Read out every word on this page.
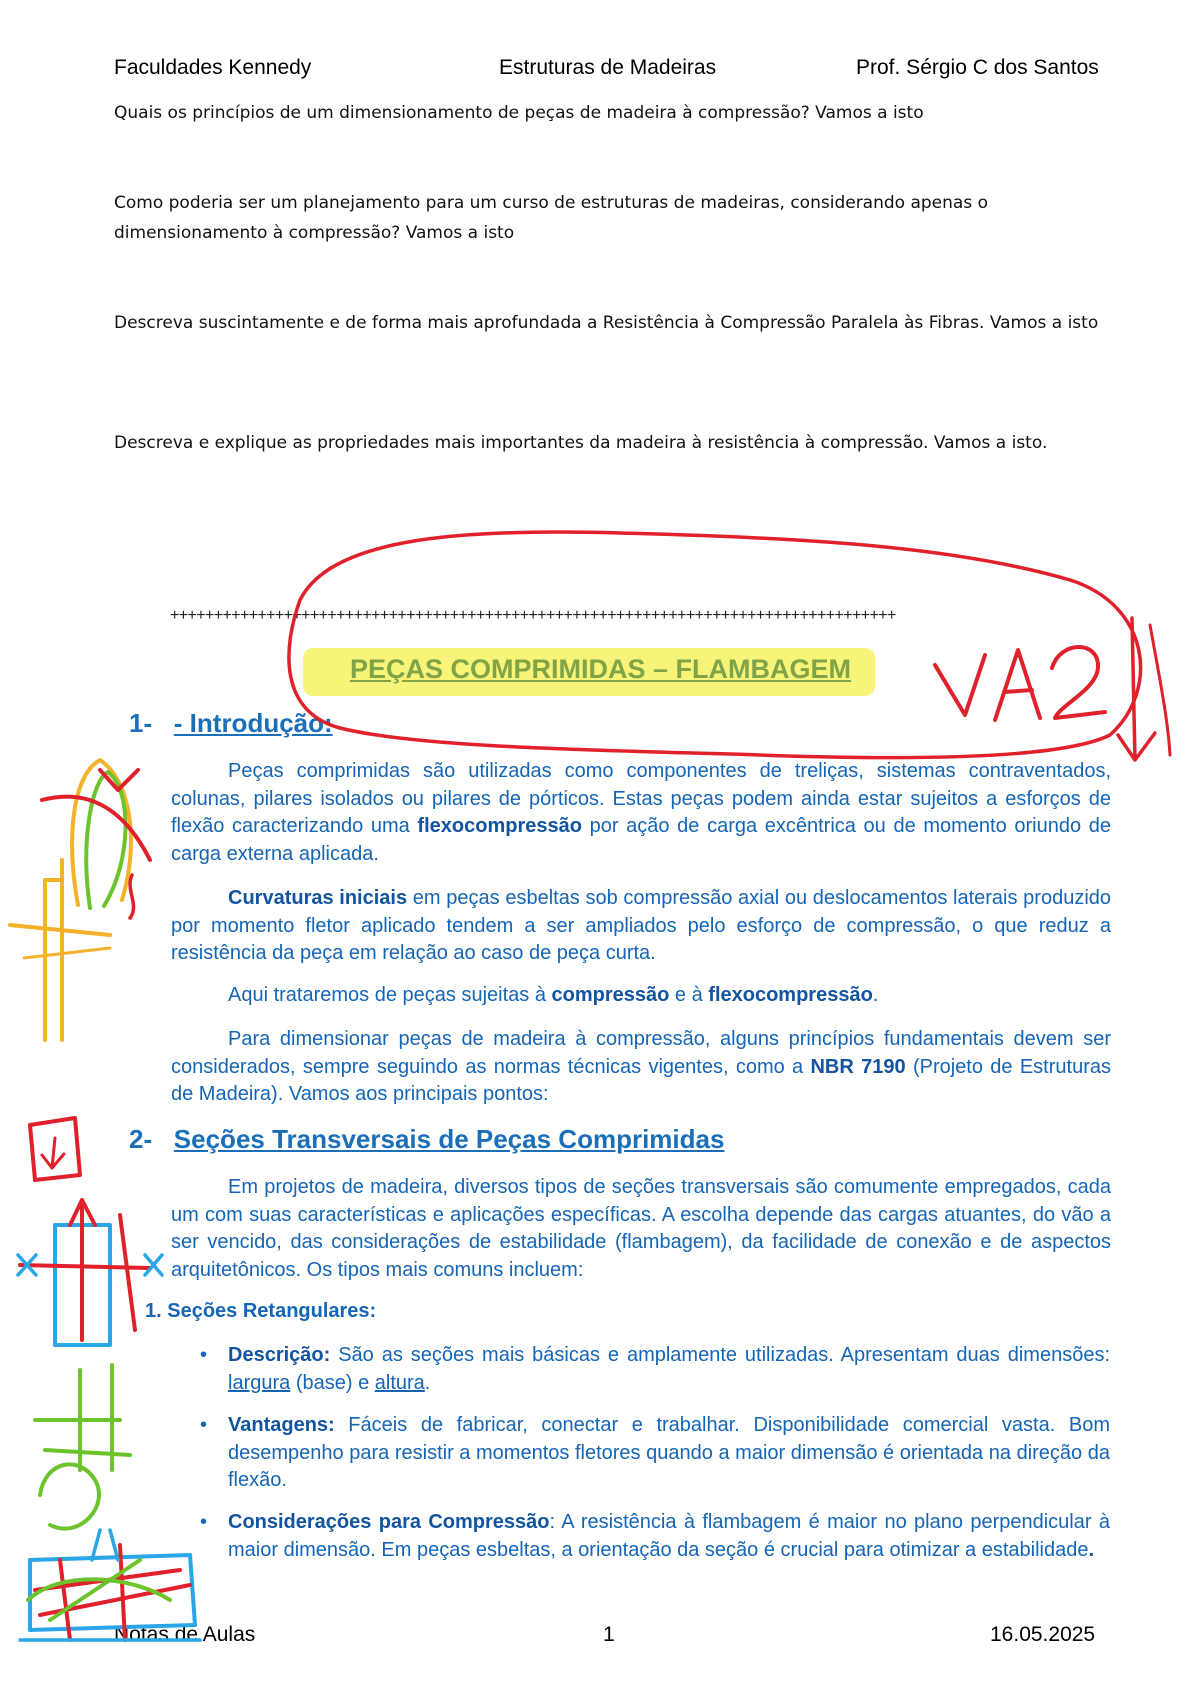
Faculdades Kennedy	Estruturas de Madeiras	Prof. Sérgio C dos Santos
Quais os princípios de um dimensionamento de peças de madeira à compressão? Vamos a isto
Como poderia ser um planejamento para um curso de estruturas de madeiras, considerando apenas o dimensionamento à compressão? Vamos a isto
Descreva suscintamente e de forma mais aprofundada a Resistência à Compressão Paralela às Fibras. Vamos a isto
Descreva e explique as propriedades mais importantes da madeira à resistência à compressão. Vamos a isto.
+++++++++++++++++++++++++++++++++++++++++++++++++++++++++++++++++++++++++++++++++++
PEÇAS COMPRIMIDAS – FLAMBAGEM
1- - Introdução:
Peças comprimidas são utilizadas como componentes de treliças, sistemas contraventados, colunas, pilares isolados ou pilares de pórticos. Estas peças podem ainda estar sujeitos a esforços de flexão caracterizando uma flexocompressão por ação de carga excêntrica ou de momento oriundo de carga externa aplicada.
Curvaturas iniciais em peças esbeltas sob compressão axial ou deslocamentos laterais produzido por momento fletor aplicado tendem a ser ampliados pelo esforço de compressão, o que reduz a resistência da peça em relação ao caso de peça curta.
Aqui trataremos de peças sujeitas à compressão e à flexocompressão.
Para dimensionar peças de madeira à compressão, alguns princípios fundamentais devem ser considerados, sempre seguindo as normas técnicas vigentes, como a NBR 7190 (Projeto de Estruturas de Madeira). Vamos aos principais pontos:
2- Seções Transversais de Peças Comprimidas
Em projetos de madeira, diversos tipos de seções transversais são comumente empregados, cada um com suas características e aplicações específicas. A escolha depende das cargas atuantes, do vão a ser vencido, das considerações de estabilidade (flambagem), da facilidade de conexão e de aspectos arquitetônicos. Os tipos mais comuns incluem:
1. Seções Retangulares:
• Descrição: São as seções mais básicas e amplamente utilizadas. Apresentam duas dimensões: largura (base) e altura.
• Vantagens: Fáceis de fabricar, conectar e trabalhar. Disponibilidade comercial vasta. Bom desempenho para resistir a momentos fletores quando a maior dimensão é orientada na direção da flexão.
• Considerações para Compressão: A resistência à flambagem é maior no plano perpendicular à maior dimensão. Em peças esbeltas, a orientação da seção é crucial para otimizar a estabilidade.
Notas de Aulas	1	16.05.2025
